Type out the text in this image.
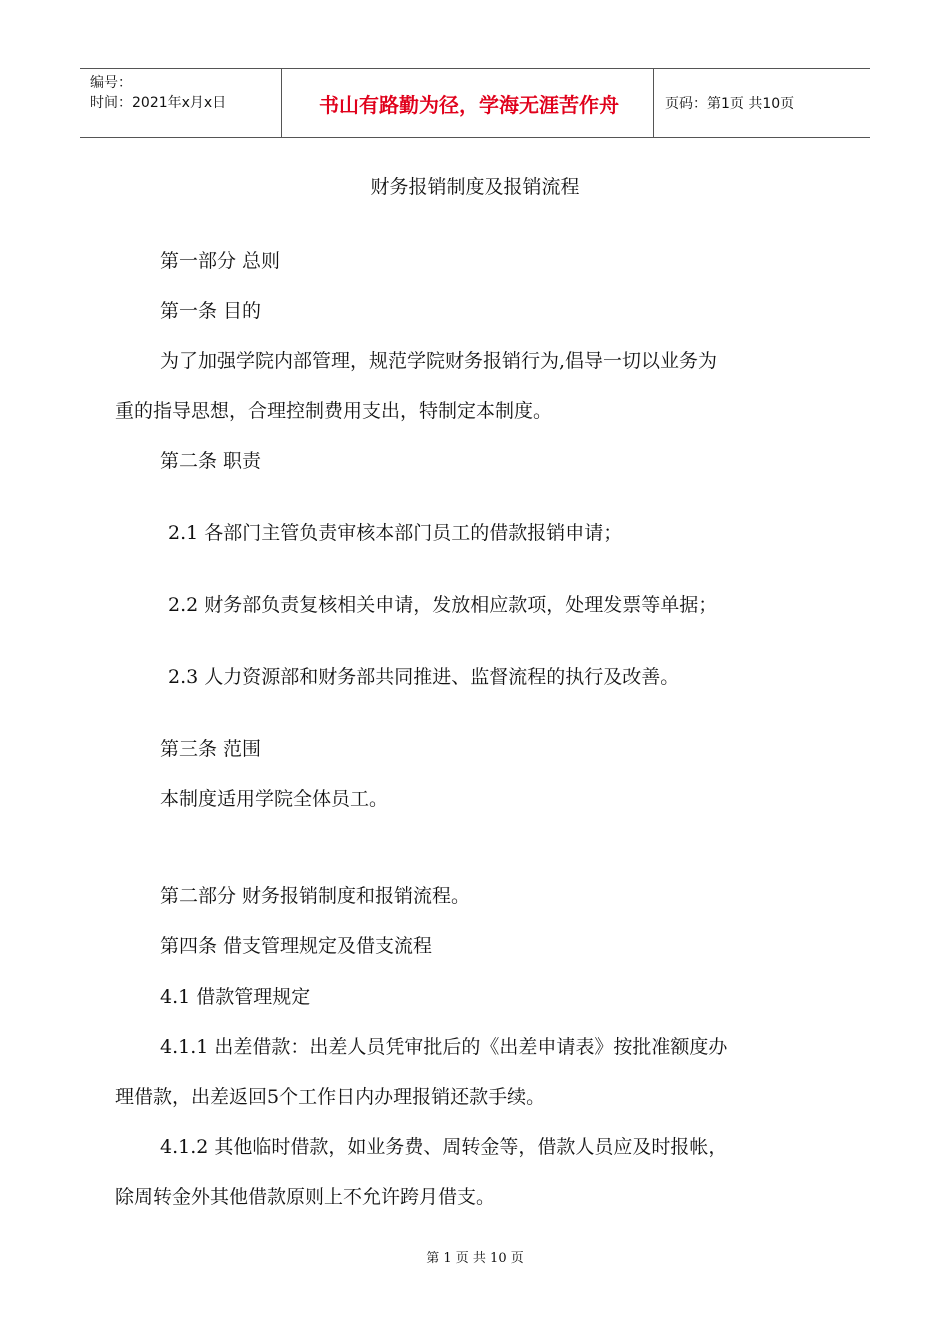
编号：
时间：2021年x月x日	书山有路勤为径，学海无涯苦作舟	页码：第1页 共10页
财务报销制度及报销流程
第一部分 总则
第一条 目的
为了加强学院内部管理，规范学院财务报销行为,倡导一切以业务为
重的指导思想，合理控制费用支出，特制定本制度。
第二条 职责
2.1 各部门主管负责审核本部门员工的借款报销申请；
2.2 财务部负责复核相关申请，发放相应款项，处理发票等单据；
2.3 人力资源部和财务部共同推进、监督流程的执行及改善。
第三条 范围
本制度适用学院全体员工。
第二部分 财务报销制度和报销流程。
第四条 借支管理规定及借支流程
4.1 借款管理规定
4.1.1 出差借款：出差人员凭审批后的《出差申请表》按批准额度办
理借款，出差返回5个工作日内办理报销还款手续。
4.1.2 其他临时借款，如业务费、周转金等，借款人员应及时报帐，
除周转金外其他借款原则上不允许跨月借支。
第 1 页 共 10 页
